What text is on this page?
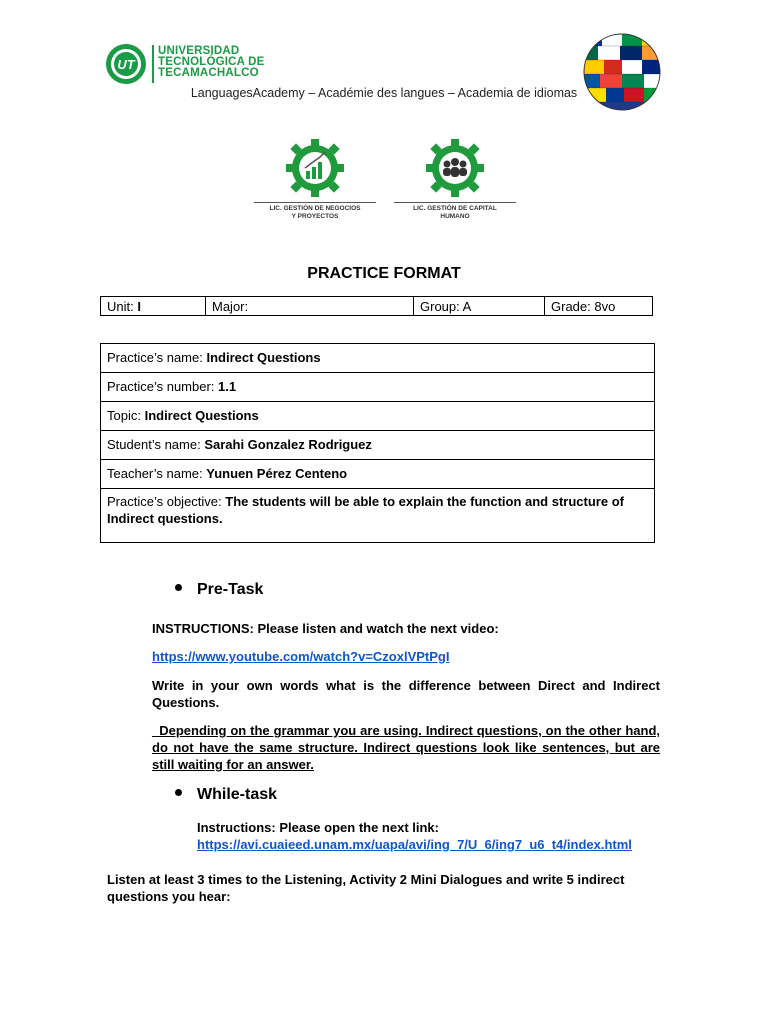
UT
UNIVERSIDAD
TECNOLÓGICA DE
TECAMACHALCO
LanguagesAcademy – Académie des langues – Academia de idiomas
LIC. GESTIÓN DE NEGOCIOS
Y PROYECTOS
LIC. GESTIÓN DE CAPITAL
HUMANO
PRACTICE FORMAT
Unit: I	Major:	Group: A	Grade: 8vo
Practice’s name: Indirect Questions
Practice’s number: 1.1
Topic: Indirect Questions
Student’s name: Sarahi Gonzalez Rodriguez
Teacher’s name: Yunuen Pérez Centeno
Practice’s objective: The students will be able to explain the function and structure of Indirect questions.
Pre-Task
INSTRUCTIONS: Please listen and watch the next video:
https://www.youtube.com/watch?v=CzoxlVPtPgI
Write in your own words what is the difference between Direct and Indirect Questions.
_Depending on the grammar you are using. Indirect questions, on the other hand, do not have the same structure. Indirect questions look like sentences, but are still waiting for an answer.
While-task
Instructions: Please open the next link:
https://avi.cuaieed.unam.mx/uapa/avi/ing_7/U_6/ing7_u6_t4/index.html
Listen at least 3 times to the Listening, Activity 2 Mini Dialogues and write 5 indirect questions you hear:
